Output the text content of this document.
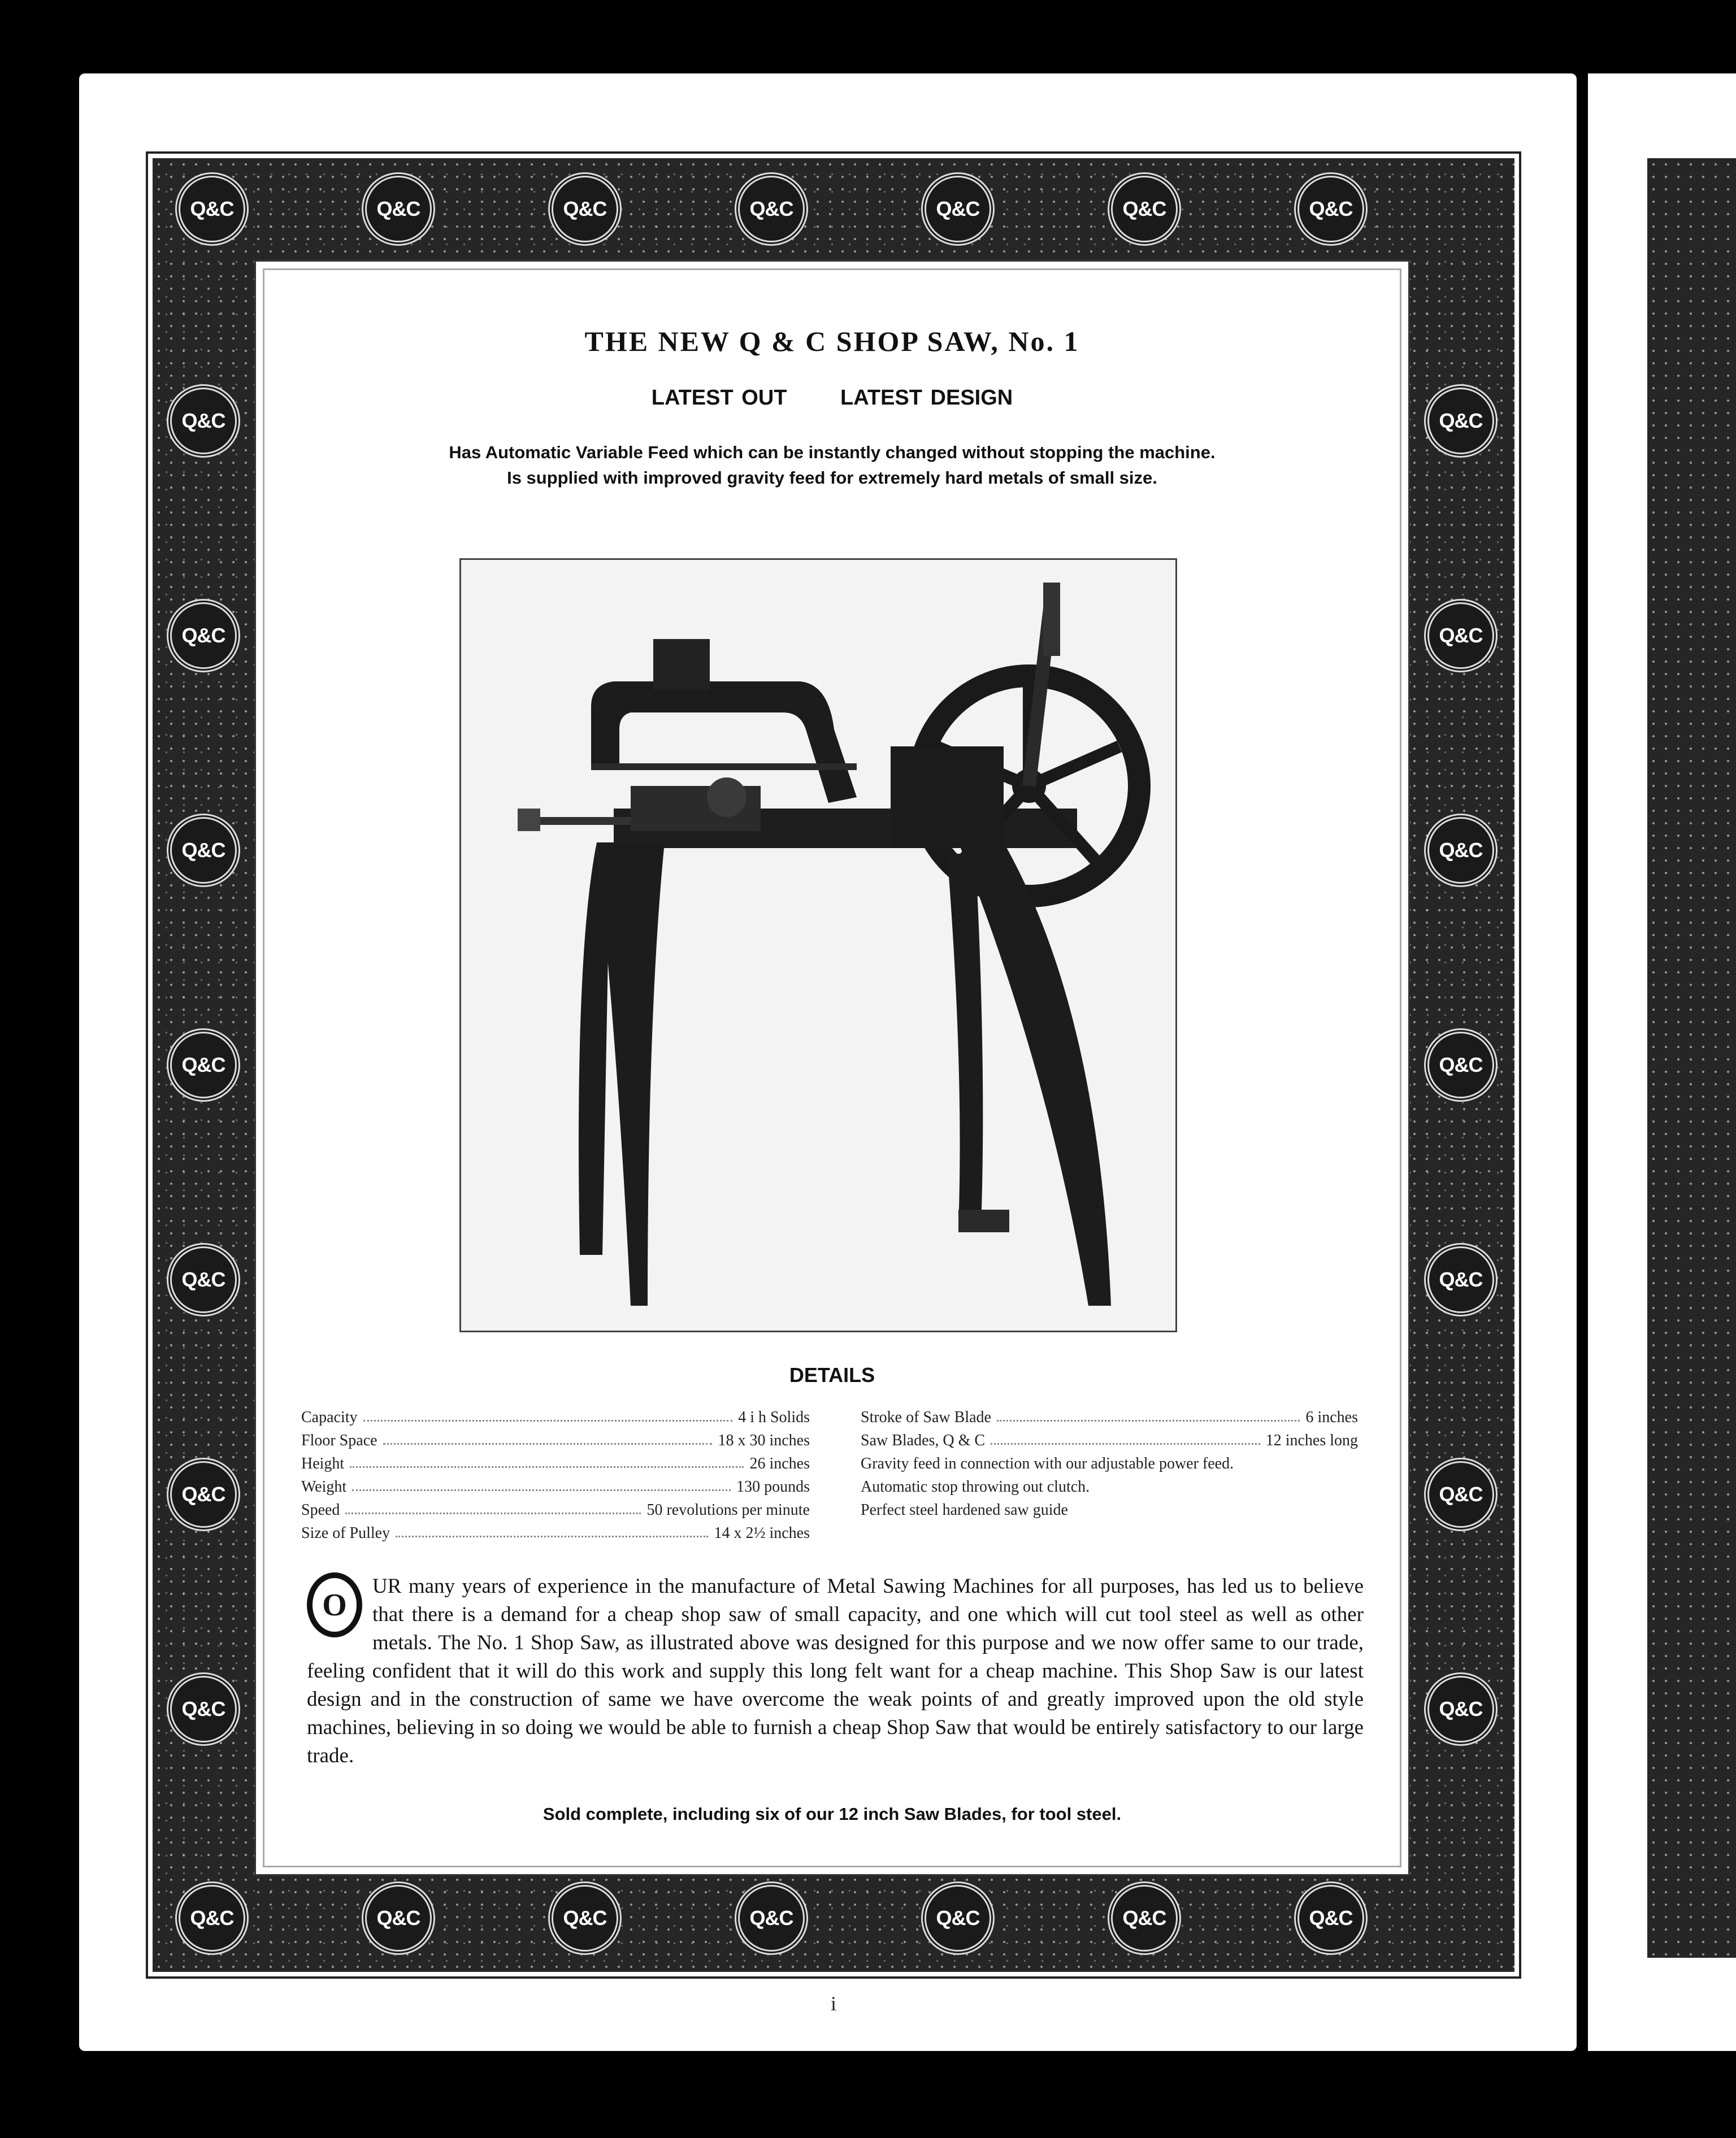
Q&C	Q&C	Q&C	Q&C	Q&C	Q&C	Q&C
Q&C	Q&C	Q&C	Q&C	Q&C	Q&C	Q&C
Q&C
Q&C
Q&C
Q&C
Q&C
Q&C
Q&C
Q&C
Q&C
Q&C
Q&C
Q&C
Q&C
Q&C
THE NEW Q & C SHOP SAW, No. 1
LATEST OUT LATEST DESIGN
Has Automatic Variable Feed which can be instantly changed without stopping the machine.
Is supplied with improved gravity feed for extremely hard metals of small size.
DETAILS
Capacity	4 i h Solids
Floor Space	18 x 30 inches
Height	26 inches
Weight	130 pounds
Speed	50 revolutions per minute
Size of Pulley	14 x 2½ inches
Stroke of Saw Blade	6 inches
Saw Blades, Q & C	12 inches long
Gravity feed in connection with our adjustable power feed.
Automatic stop throwing out clutch.
Perfect steel hardened saw guide
O
UR many years of experience in the manufacture of Metal Sawing Machines for all purposes, has led us to believe that there is a demand for a cheap shop saw of small capacity, and one which will cut tool steel as well as other metals. The No. 1 Shop Saw, as illustrated above was designed for this purpose and we now offer same to our trade, feeling confident that it will do this work and supply this long felt want for a cheap machine. This Shop Saw is our latest design and in the construction of same we have overcome the weak points of and greatly improved upon the old style machines, believing in so doing we would be able to furnish a cheap Shop Saw that would be entirely satisfactory to our large trade.
Sold complete, including six of our 12 inch Saw Blades, for tool steel.
i
